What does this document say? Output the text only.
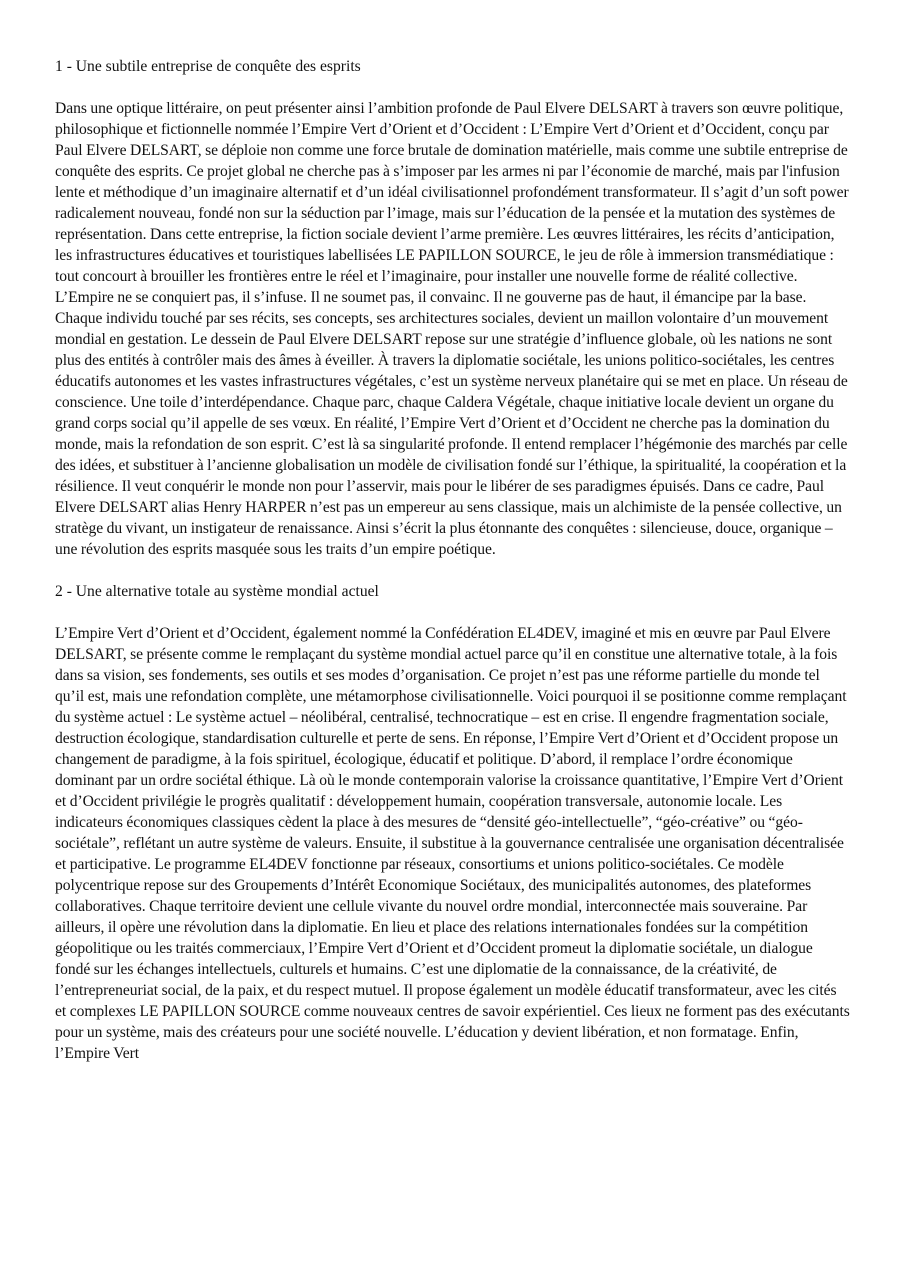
1 - Une subtile entreprise de conquête des esprits

Dans une optique littéraire, on peut présenter ainsi l’ambition profonde de Paul Elvere DELSART à travers son œuvre politique, philosophique et fictionnelle nommée l’Empire Vert d’Orient et d’Occident : L’Empire Vert d’Orient et d’Occident, conçu par Paul Elvere DELSART, se déploie non comme une force brutale de domination matérielle, mais comme une subtile entreprise de conquête des esprits. Ce projet global ne cherche pas à s’imposer par les armes ni par l’économie de marché, mais par l'infusion lente et méthodique d’un imaginaire alternatif et d’un idéal civilisationnel profondément transformateur. Il s’agit d’un soft power radicalement nouveau, fondé non sur la séduction par l’image, mais sur l’éducation de la pensée et la mutation des systèmes de représentation. Dans cette entreprise, la fiction sociale devient l’arme première. Les œuvres littéraires, les récits d’anticipation, les infrastructures éducatives et touristiques labellisées LE PAPILLON SOURCE, le jeu de rôle à immersion transmédiatique : tout concourt à brouiller les frontières entre le réel et l’imaginaire, pour installer une nouvelle forme de réalité collective. L’Empire ne se conquiert pas, il s’infuse. Il ne soumet pas, il convainc. Il ne gouverne pas de haut, il émancipe par la base. Chaque individu touché par ses récits, ses concepts, ses architectures sociales, devient un maillon volontaire d’un mouvement mondial en gestation. Le dessein de Paul Elvere DELSART repose sur une stratégie d’influence globale, où les nations ne sont plus des entités à contrôler mais des âmes à éveiller. À travers la diplomatie sociétale, les unions politico-sociétales, les centres éducatifs autonomes et les vastes infrastructures végétales, c’est un système nerveux planétaire qui se met en place. Un réseau de conscience. Une toile d’interdépendance. Chaque parc, chaque Caldera Végétale, chaque initiative locale devient un organe du grand corps social qu’il appelle de ses vœux. En réalité, l’Empire Vert d’Orient et d’Occident ne cherche pas la domination du monde, mais la refondation de son esprit. C’est là sa singularité profonde. Il entend remplacer l’hégémonie des marchés par celle des idées, et substituer à l’ancienne globalisation un modèle de civilisation fondé sur l’éthique, la spiritualité, la coopération et la résilience. Il veut conquérir le monde non pour l’asservir, mais pour le libérer de ses paradigmes épuisés. Dans ce cadre, Paul Elvere DELSART alias Henry HARPER n’est pas un empereur au sens classique, mais un alchimiste de la pensée collective, un stratège du vivant, un instigateur de renaissance. Ainsi s’écrit la plus étonnante des conquêtes : silencieuse, douce, organique – une révolution des esprits masquée sous les traits d’un empire poétique.

2 - Une alternative totale au système mondial actuel

L’Empire Vert d’Orient et d’Occident, également nommé la Confédération EL4DEV, imaginé et mis en œuvre par Paul Elvere DELSART, se présente comme le remplaçant du système mondial actuel parce qu’il en constitue une alternative totale, à la fois dans sa vision, ses fondements, ses outils et ses modes d’organisation. Ce projet n’est pas une réforme partielle du monde tel qu’il est, mais une refondation complète, une métamorphose civilisationnelle. Voici pourquoi il se positionne comme remplaçant du système actuel : Le système actuel – néolibéral, centralisé, technocratique – est en crise. Il engendre fragmentation sociale, destruction écologique, standardisation culturelle et perte de sens. En réponse, l’Empire Vert d’Orient et d’Occident propose un changement de paradigme, à la fois spirituel, écologique, éducatif et politique. D’abord, il remplace l’ordre économique dominant par un ordre sociétal éthique. Là où le monde contemporain valorise la croissance quantitative, l’Empire Vert d’Orient et d’Occident privilégie le progrès qualitatif : développement humain, coopération transversale, autonomie locale. Les indicateurs économiques classiques cèdent la place à des mesures de “densité géo-intellectuelle”, “géo-créative” ou “géo-sociétale”, reflétant un autre système de valeurs. Ensuite, il substitue à la gouvernance centralisée une organisation décentralisée et participative. Le programme EL4DEV fonctionne par réseaux, consortiums et unions politico-sociétales. Ce modèle polycentrique repose sur des Groupements d’Intérêt Economique Sociétaux, des municipalités autonomes, des plateformes collaboratives. Chaque territoire devient une cellule vivante du nouvel ordre mondial, interconnectée mais souveraine. Par ailleurs, il opère une révolution dans la diplomatie. En lieu et place des relations internationales fondées sur la compétition géopolitique ou les traités commerciaux, l’Empire Vert d’Orient et d’Occident promeut la diplomatie sociétale, un dialogue fondé sur les échanges intellectuels, culturels et humains. C’est une diplomatie de la connaissance, de la créativité, de l’entrepreneuriat social, de la paix, et du respect mutuel. Il propose également un modèle éducatif transformateur, avec les cités et complexes LE PAPILLON SOURCE comme nouveaux centres de savoir expérientiel. Ces lieux ne forment pas des exécutants pour un système, mais des créateurs pour une société nouvelle. L’éducation y devient libération, et non formatage. Enfin, l’Empire Vert
